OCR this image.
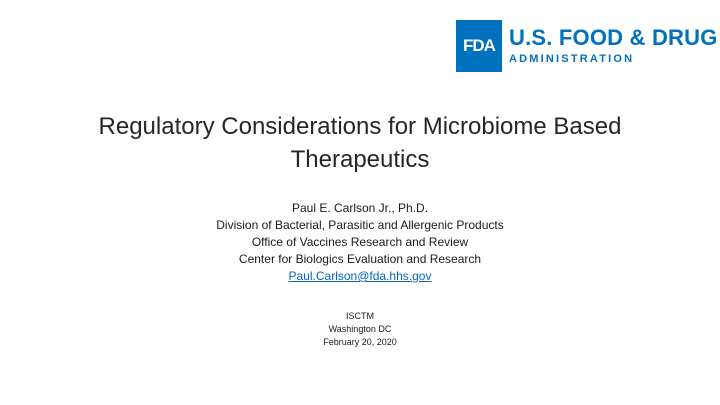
FDA U.S. FOOD & DRUG
ADMINISTRATION
Regulatory Considerations for Microbiome Based
Therapeutics
Paul E. Carlson Jr., Ph.D.
Division of Bacterial, Parasitic and Allergenic Products
Office of Vaccines Research and Review
Center for Biologics Evaluation and Research
Paul.Carlson@fda.hhs.gov
ISCTM
Washington DC
February 20, 2020
